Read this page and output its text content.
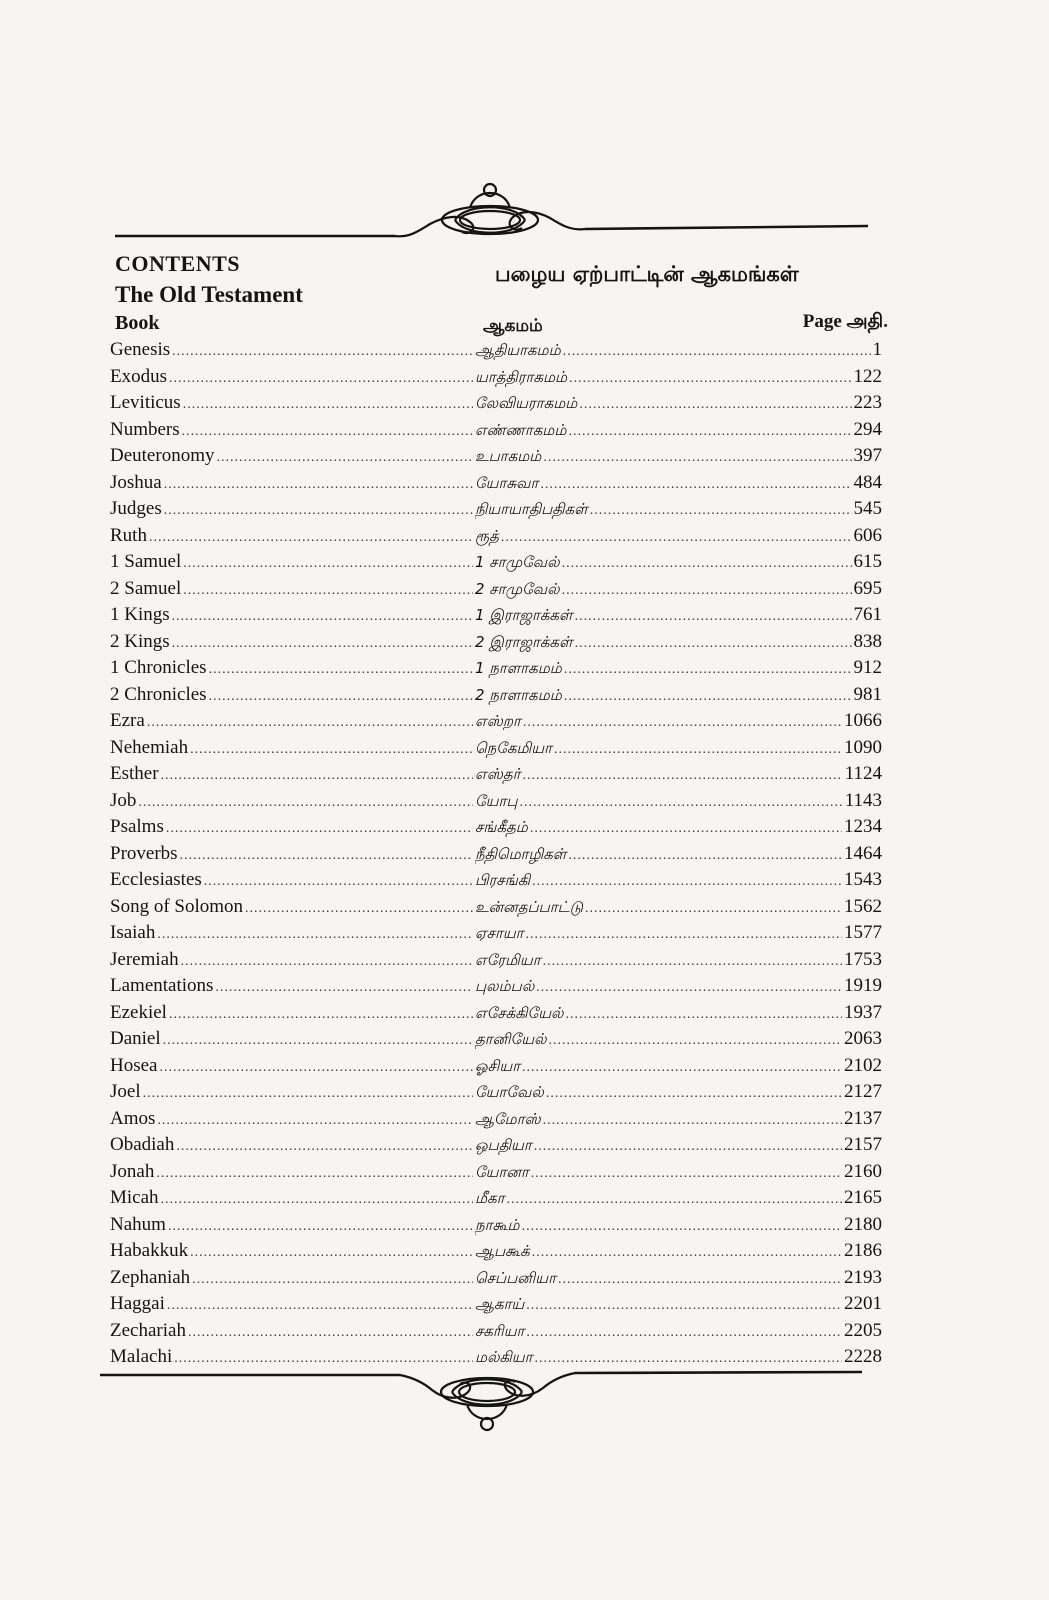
CONTENTS
The Old Testament
பழைய ஏற்பாட்டின் ஆகமங்கள்
Book	ஆகமம்	Page அதி.
Genesis .....	ஆதியாகமம் .....	1
Exodus .....	யாத்திராகமம் .....	122
Leviticus .....	லேவியராகமம் .....	223
Numbers .....	எண்ணாகமம் .....	294
Deuteronomy .....	உபாகமம் .....	397
Joshua .....	யோசுவா .....	484
Judges .....	நியாயாதிபதிகள் .....	545
Ruth .....	ரூத் .....	606
1 Samuel .....	1 சாமுவேல் .....	615
2 Samuel .....	2 சாமுவேல் .....	695
1 Kings .....	1 இராஜாக்கள் .....	761
2 Kings .....	2 இராஜாக்கள் .....	838
1 Chronicles .....	1 நாளாகமம் .....	912
2 Chronicles .....	2 நாளாகமம் .....	981
Ezra .....	எஸ்றா .....	1066
Nehemiah .....	நெகேமியா .....	1090
Esther .....	எஸ்தர் .....	1124
Job .....	யோபு .....	1143
Psalms .....	சங்கீதம் .....	1234
Proverbs .....	நீதிமொழிகள் .....	1464
Ecclesiastes .....	பிரசங்கி .....	1543
Song of Solomon .....	உன்னதப்பாட்டு .....	1562
Isaiah .....	ஏசாயா .....	1577
Jeremiah .....	எரேமியா .....	1753
Lamentations .....	புலம்பல் .....	1919
Ezekiel .....	எசேக்கியேல் .....	1937
Daniel .....	தானியேல் .....	2063
Hosea .....	ஓசியா .....	2102
Joel .....	யோவேல் .....	2127
Amos .....	ஆமோஸ் .....	2137
Obadiah .....	ஒபதியா .....	2157
Jonah .....	யோனா .....	2160
Micah .....	மீகா .....	2165
Nahum .....	நாகூம் .....	2180
Habakkuk .....	ஆபகூக் .....	2186
Zephaniah .....	செப்பனியா .....	2193
Haggai .....	ஆகாய் .....	2201
Zechariah .....	சகரியா .....	2205
Malachi .....	மல்கியா .....	2228
